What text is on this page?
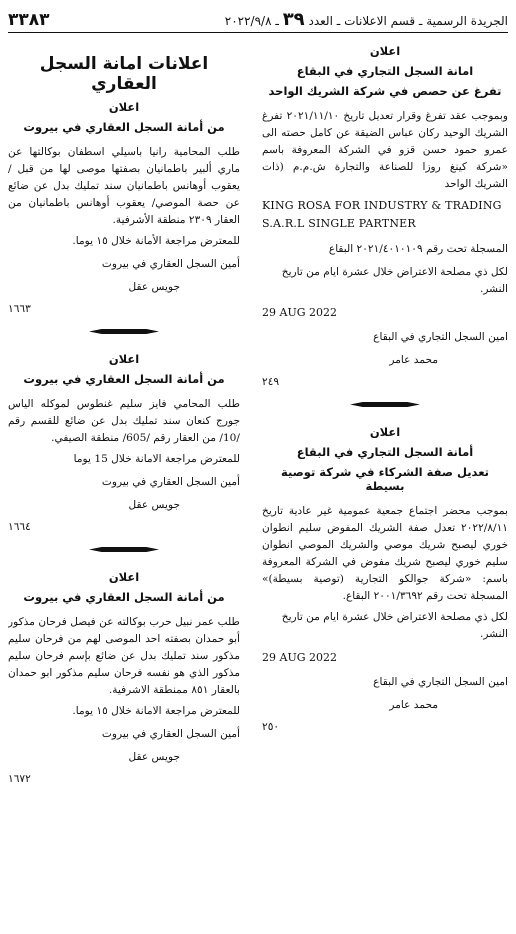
الجريدة الرسمية ـ قسم الاعلانات ـ العدد ٣٩ ـ ٢٠٢٢/٩/٨
٣٣٨٣
اعلان
امانة السجل التجاري في البقاع
تفرغ عن حصص في شركة الشريك الواحد

وبموجب عقد تفرغ وقرار تعديل تاريخ ٢٠٢١/١١/١٠ تفرغ الشريك الوحيد ركان عباس الضيقة عن كامل حصته الى عمرو حمود حسن قزو في الشركة المعروفة باسم «شركة كينغ روزا للصناعة والتجارة ش.م.م (ذات الشريك الواحد

KING ROSA FOR INDUSTRY & TRADING S.A.R.L SINGLE PARTNER

المسجلة تحت رقم ٢٠٢١/٤٠١٠١٠٩ البقاع

لكل ذي مصلحة الاعتراض خلال عشرة ايام من تاريخ النشر.

29 AUG 2022

امين السجل التجاري في البقاع

محمد عامر

٢٤٩

اعلان
أمانة السجل التجاري في البقاع
تعديل صفة الشركاء في شركة توصية بسيطة

بموجب محضر اجتماع جمعية عمومية غير عادية تاريخ ٢٠٢٢/٨/١١ تعدل صفة الشريك المفوض سليم انطوان خوري ليصبح شريك موصي والشريك الموصي انطوان سليم خوري ليصبح شريك مفوض في الشركة المعروفة باسم: «شركة جوالكو التجارية (توصية بسيطة)» المسجلة تحت رقم ٢٠٠١/٣٦٩٢ البقاع.

لكل ذي مصلحة الاعتراض خلال عشرة ايام من تاريخ النشر.

29 AUG 2022

امين السجل التجاري في البقاع

محمد عامر

٢٥٠

اعلانات امانة السجل العقاري
اعلان
من أمانة السجل العقاري في بيروت

طلب المحامية رانيا باسيلي اسطفان بوكالتها عن ماري ألبير باطمانيان بصفتها موصى لها من قبل /يعقوب أوهانس باطمانيان سند تمليك بدل عن ضائع عن حصة الموصي/ يعقوب أوهانس باطمانيان من العقار ٢٣٠٩ منطقة الأشرفية.

للمعترض مراجعة الأمانة خلال ١٥ يوما.

أمين السجل العقاري في بيروت

جويس عقل

١٦٦٣

اعلان
من أمانة السجل العقاري في بيروت

طلب المحامي فايز سليم غنطوس لموكله الياس جورج كنعان سند تمليك بدل عن ضائع للقسم رقم /10/ من العقار رقم /605/ منطقة الصيفي.

للمعترض مراجعة الامانة خلال 15 يوما

أمين السجل العقاري في بيروت

جويس عقل

١٦٦٤

اعلان
من أمانة السجل العقاري في بيروت

طلب عمر نبيل حرب بوكالته عن فيصل فرحان مذكور أبو حمدان بصفته احد الموصى لهم من فرحان سليم مذكور سند تمليك بدل عن ضائع بإسم فرحان سليم مذكور الذي هو نفسه فرحان سليم مذكور ابو حمدان بالعقار ٨٥١ ممنطقة الاشرفية.

للمعترض مراجعة الامانة خلال ١٥ يوما.

أمين السجل العقاري في بيروت

جويس عقل

١٦٧٢
